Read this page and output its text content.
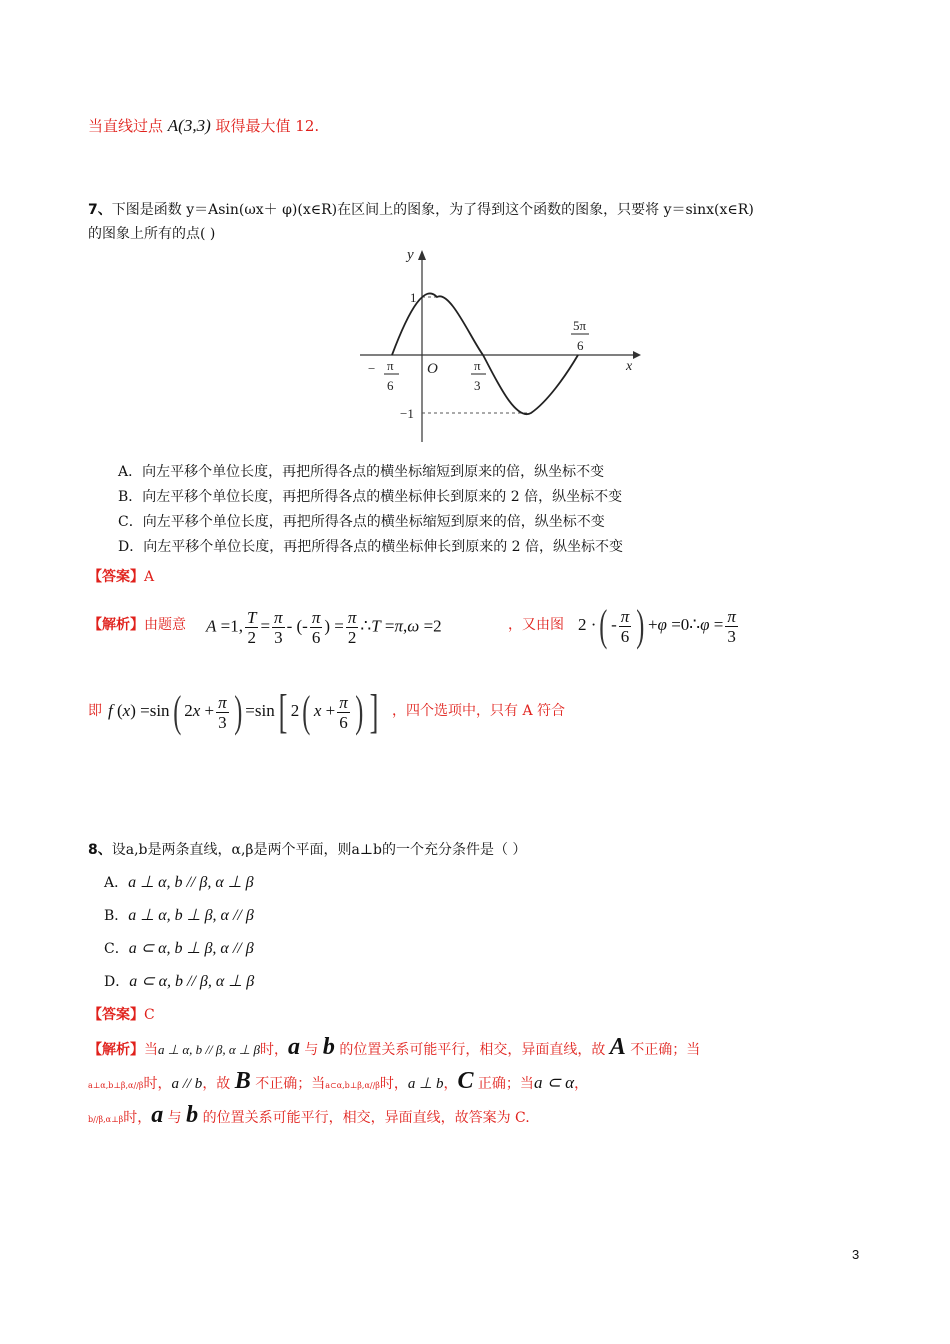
当直线过点 A(3,3) 取得最大值 12.
7、下图是函数 y＝Asin(ωx＋ φ)(x∈R)在区间上的图象，为了得到这个函数的图象，只要将 y＝sinx(x∈R)
的图象上所有的点( )
y
x
O
1
−1
− π
6
π
3
5π
6
A．向左平移个单位长度，再把所得各点的横坐标缩短到原来的倍，纵坐标不变
B．向左平移个单位长度，再把所得各点的横坐标伸长到原来的 2 倍，纵坐标不变
C．向左平移个单位长度，再把所得各点的横坐标缩短到原来的倍，纵坐标不变
D．向左平移个单位长度，再把所得各点的横坐标伸长到原来的 2 倍，纵坐标不变
【答案】A
【解析】由题意 A =1, $\frac{T}{2} = \frac{\pi}{3}$ - (- $\frac{\pi}{6}$ ) = $\frac{\pi}{2}$ ∴T =π,ω =2	，又由图 2 ·( - $\frac{\pi}{6}$ ) +φ =0∴φ = $\frac{\pi}{3}$
即 f (x) =sin( $2x + \frac{\pi}{3}$ ) =sin[ 2( $x + \frac{\pi}{6}$ ) ] ，四个选项中，只有 A 符合
8、设a,b是两条直线，α,β是两个平面，则a⊥b的一个充分条件是（ ）
A．a ⊥ α, b // β, α ⊥ β
B．a ⊥ α, b ⊥ β, α // β
C．a ⊂ α, b ⊥ β, α // β
D．a ⊂ α, b // β, α ⊥ β
【答案】C
【解析】当a ⊥ α, b // β, α ⊥ β时，a 与 b 的位置关系可能平行，相交，异面直线，故 A 不正确；当
a⊥α,b⊥β,α//β时，a // b，故 B 不正确；当a⊂α,b⊥β,α//β时，a ⊥ b，C 正确；当a ⊂ α，
b//β,α⊥β时，a 与 b 的位置关系可能平行，相交，异面直线，故答案为 C.
3
